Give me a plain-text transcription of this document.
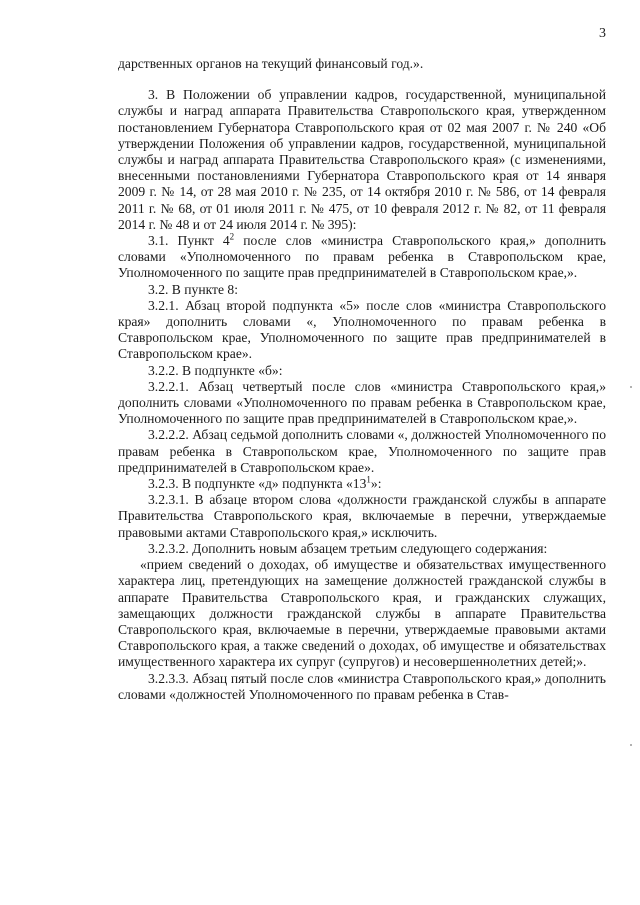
3

дарственных органов на текущий финансовый год.».

3. В Положении об управлении кадров, государственной, муниципальной службы и наград аппарата Правительства Ставропольского края, утвержденном постановлением Губернатора Ставропольского края от 02 мая 2007 г. № 240 «Об утверждении Положения об управлении кадров, государственной, муниципальной службы и наград аппарата Правительства Ставропольского края» (с изменениями, внесенными постановлениями Губернатора Ставропольского края от 14 января 2009 г. № 14, от 28 мая 2010 г. № 235, от 14 октября 2010 г. № 586, от 14 февраля 2011 г. № 68, от 01 июля 2011 г. № 475, от 10 февраля 2012 г. № 82, от 11 февраля 2014 г. № 48 и от 24 июля 2014 г. № 395):

3.1. Пункт $4^2$ после слов «министра Ставропольского края,» дополнить словами «Уполномоченного по правам ребенка в Ставропольском крае, Уполномоченного по защите прав предпринимателей в Ставропольском крае,».

3.2. В пункте 8:

3.2.1. Абзац второй подпункта «5» после слов «министра Ставропольского края» дополнить словами «, Уполномоченного по правам ребенка в Ставропольском крае, Уполномоченного по защите прав предпринимателей в Ставропольском крае».

3.2.2. В подпункте «б»:

3.2.2.1. Абзац четвертый после слов «министра Ставропольского края,» дополнить словами «Уполномоченного по правам ребенка в Ставропольском крае, Уполномоченного по защите прав предпринимателей в Ставропольском крае,».

3.2.2.2. Абзац седьмой дополнить словами «, должностей Уполномоченного по правам ребенка в Ставропольском крае, Уполномоченного по защите прав предпринимателей в Ставропольском крае».

3.2.3. В подпункте «д» подпункта «$13^1$»:

3.2.3.1. В абзаце втором слова «должности гражданской службы в аппарате Правительства Ставропольского края, включаемые в перечни, утверждаемые правовыми актами Ставропольского края,» исключить.

3.2.3.2. Дополнить новым абзацем третьим следующего содержания:

«прием сведений о доходах, об имуществе и обязательствах имущественного характера лиц, претендующих на замещение должностей гражданской службы в аппарате Правительства Ставропольского края, и гражданских служащих, замещающих должности гражданской службы в аппарате Правительства Ставропольского края, включаемые в перечни, утверждаемые правовыми актами Ставропольского края, а также сведений о доходах, об имуществе и обязательствах имущественного характера их супруг (супругов) и несовершеннолетних детей;».

3.2.3.3. Абзац пятый после слов «министра Ставропольского края,» дополнить словами «должностей Уполномоченного по правам ребенка в Став-
